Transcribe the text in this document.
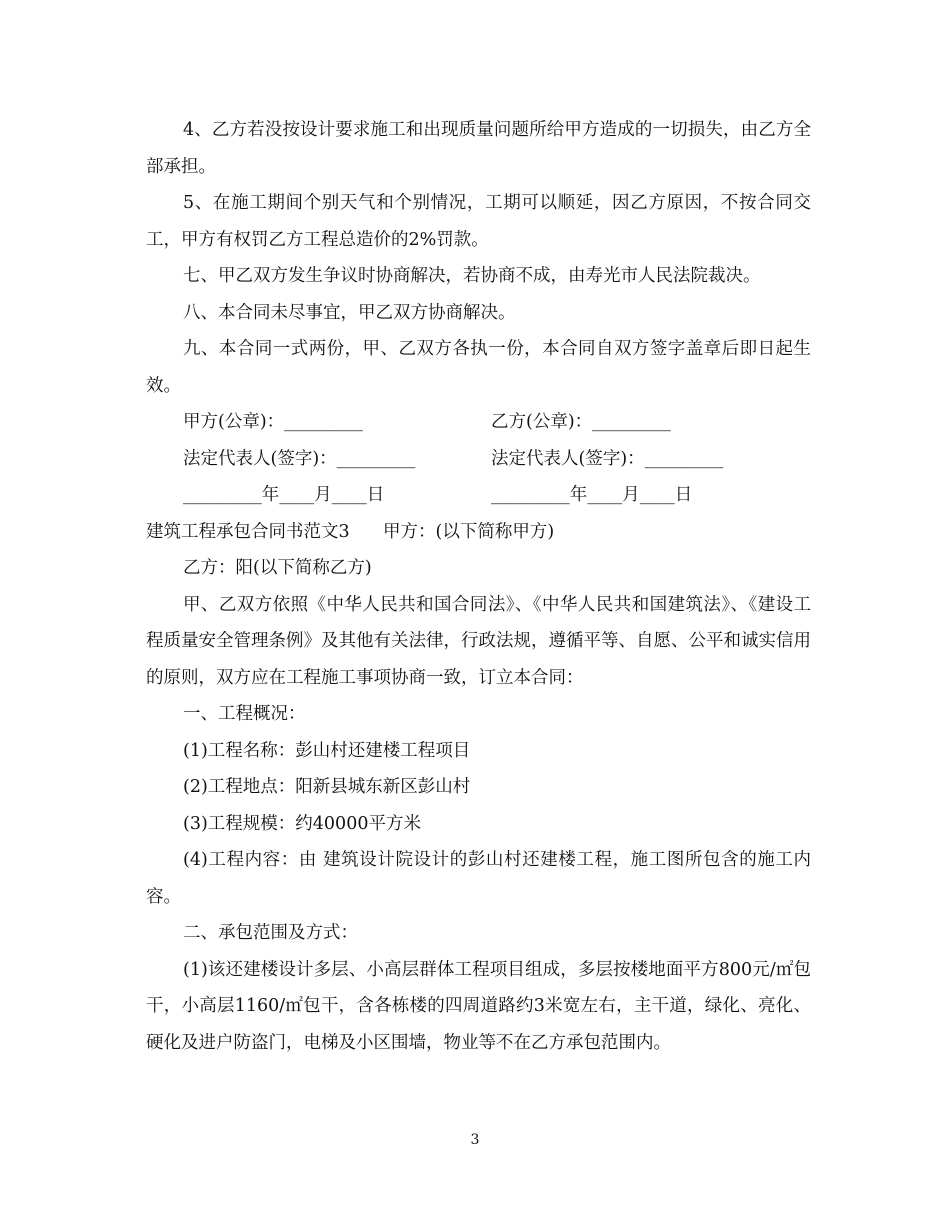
4、乙方若没按设计要求施工和出现质量问题所给甲方造成的一切损失，由乙方全部承担。

5、在施工期间个别天气和个别情况，工期可以顺延，因乙方原因，不按合同交工，甲方有权罚乙方工程总造价的2%罚款。

七、甲乙双方发生争议时协商解决，若协商不成，由寿光市人民法院裁决。

八、本合同未尽事宜，甲乙双方协商解决。

九、本合同一式两份，甲、乙双方各执一份，本合同自双方签字盖章后即日起生效。

甲方(公章)：_________	乙方(公章)：_________
法定代表人(签字)：_________	法定代表人(签字)：_________
_________年____月____日	_________年____月____日

建筑工程承包合同书范文3 甲方：(以下简称甲方)

乙方：阳(以下简称乙方)

甲、乙双方依照《中华人民共和国合同法》、《中华人民共和国建筑法》、《建设工程质量安全管理条例》及其他有关法律，行政法规，遵循平等、自愿、公平和诚实信用的原则，双方应在工程施工事项协商一致，订立本合同：

一、工程概况：

(1)工程名称：彭山村还建楼工程项目

(2)工程地点：阳新县城东新区彭山村

(3)工程规模：约40000平方米

(4)工程内容：由 建筑设计院设计的彭山村还建楼工程，施工图所包含的施工内容。

二、承包范围及方式：

(1)该还建楼设计多层、小高层群体工程项目组成，多层按楼地面平方800元/㎡包干，小高层1160/㎡包干，含各栋楼的四周道路约3米宽左右，主干道，绿化、亮化、硬化及进户防盗门，电梯及小区围墙，物业等不在乙方承包范围内。

3
